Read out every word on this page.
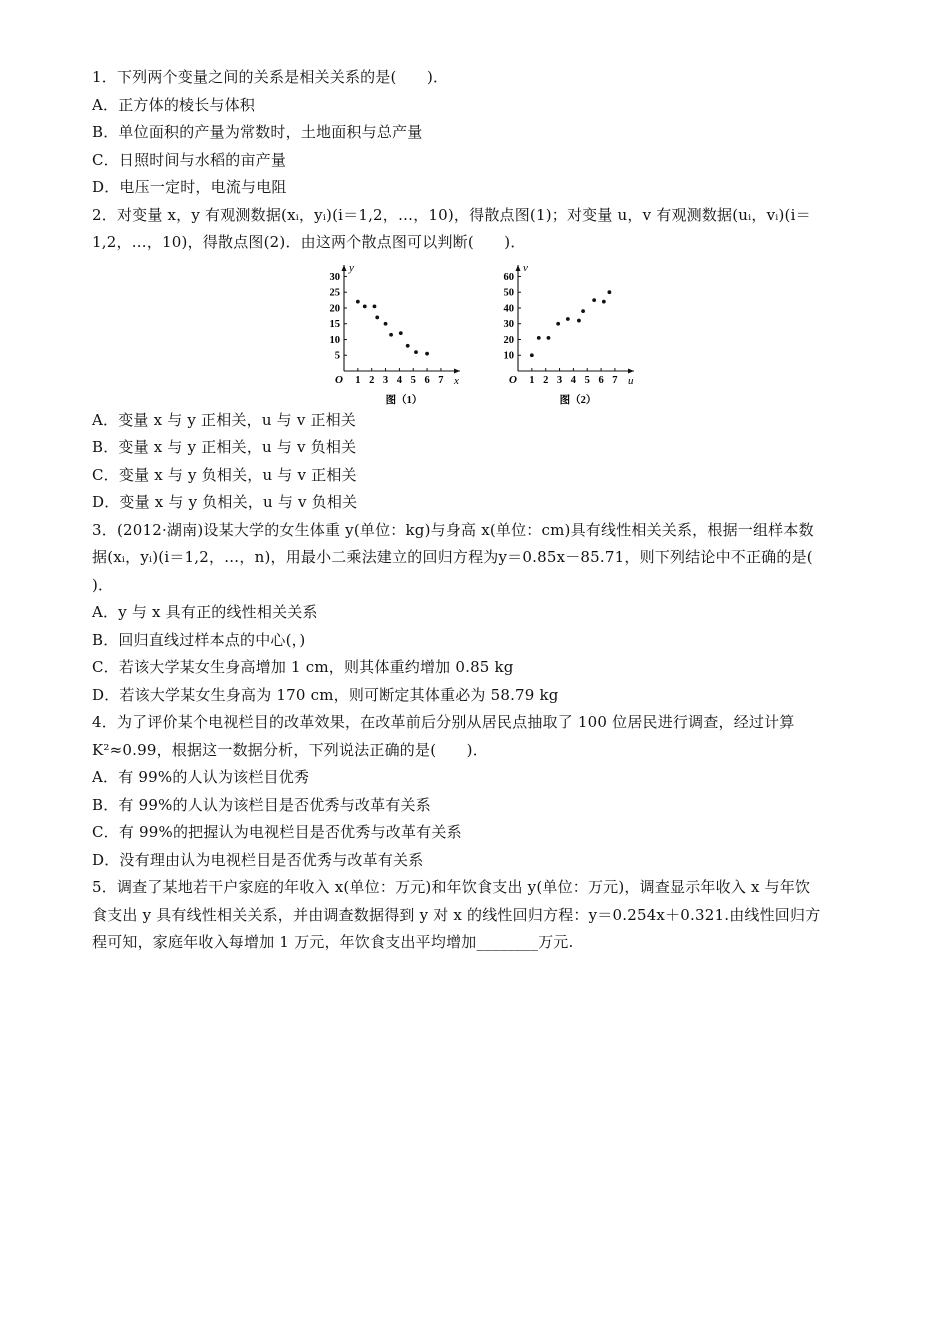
1．下列两个变量之间的关系是相关关系的是(　　)．
A．正方体的棱长与体积
B．单位面积的产量为常数时，土地面积与总产量
C．日照时间与水稻的亩产量
D．电压一定时，电流与电阻
2．对变量 x，y 有观测数据(xᵢ，yᵢ)(i＝1,2，…，10)，得散点图(1)；对变量 u，v 有观测数据(uᵢ，vᵢ)(i＝
1,2，…，10)，得散点图(2)．由这两个散点图可以判断(　　)．
y
x
O 1 2 3 4 5 6 7
5
10
15
20
25
30
图（1）
v
u
O 1 2 3 4 5 6 7
10
20
30
40
50
60
图（2）
A．变量 x 与 y 正相关，u 与 v 正相关
B．变量 x 与 y 正相关，u 与 v 负相关
C．变量 x 与 y 负相关，u 与 v 正相关
D．变量 x 与 y 负相关，u 与 v 负相关
3．(2012·湖南)设某大学的女生体重 y(单位：kg)与身高 x(单位：cm)具有线性相关关系，根据一组样本数
据(xᵢ，yᵢ)(i＝1,2，…，n)，用最小二乘法建立的回归方程为y＝0.85x－85.71，则下列结论中不正确的是(
)．
A．y 与 x 具有正的线性相关关系
B．回归直线过样本点的中心(，)
C．若该大学某女生身高增加 1 cm，则其体重约增加 0.85 kg
D．若该大学某女生身高为 170 cm，则可断定其体重必为 58.79 kg
4．为了评价某个电视栏目的改革效果，在改革前后分别从居民点抽取了 100 位居民进行调查，经过计算
K²≈0.99，根据这一数据分析，下列说法正确的是(　　)．
A．有 99%的人认为该栏目优秀
B．有 99%的人认为该栏目是否优秀与改革有关系
C．有 99%的把握认为电视栏目是否优秀与改革有关系
D．没有理由认为电视栏目是否优秀与改革有关系
5．调查了某地若干户家庭的年收入 x(单位：万元)和年饮食支出 y(单位：万元)，调查显示年收入 x 与年饮
食支出 y 具有线性相关关系，并由调查数据得到 y 对 x 的线性回归方程：y＝0.254x＋0.321.由线性回归方
程可知，家庭年收入每增加 1 万元，年饮食支出平均增加________万元.
